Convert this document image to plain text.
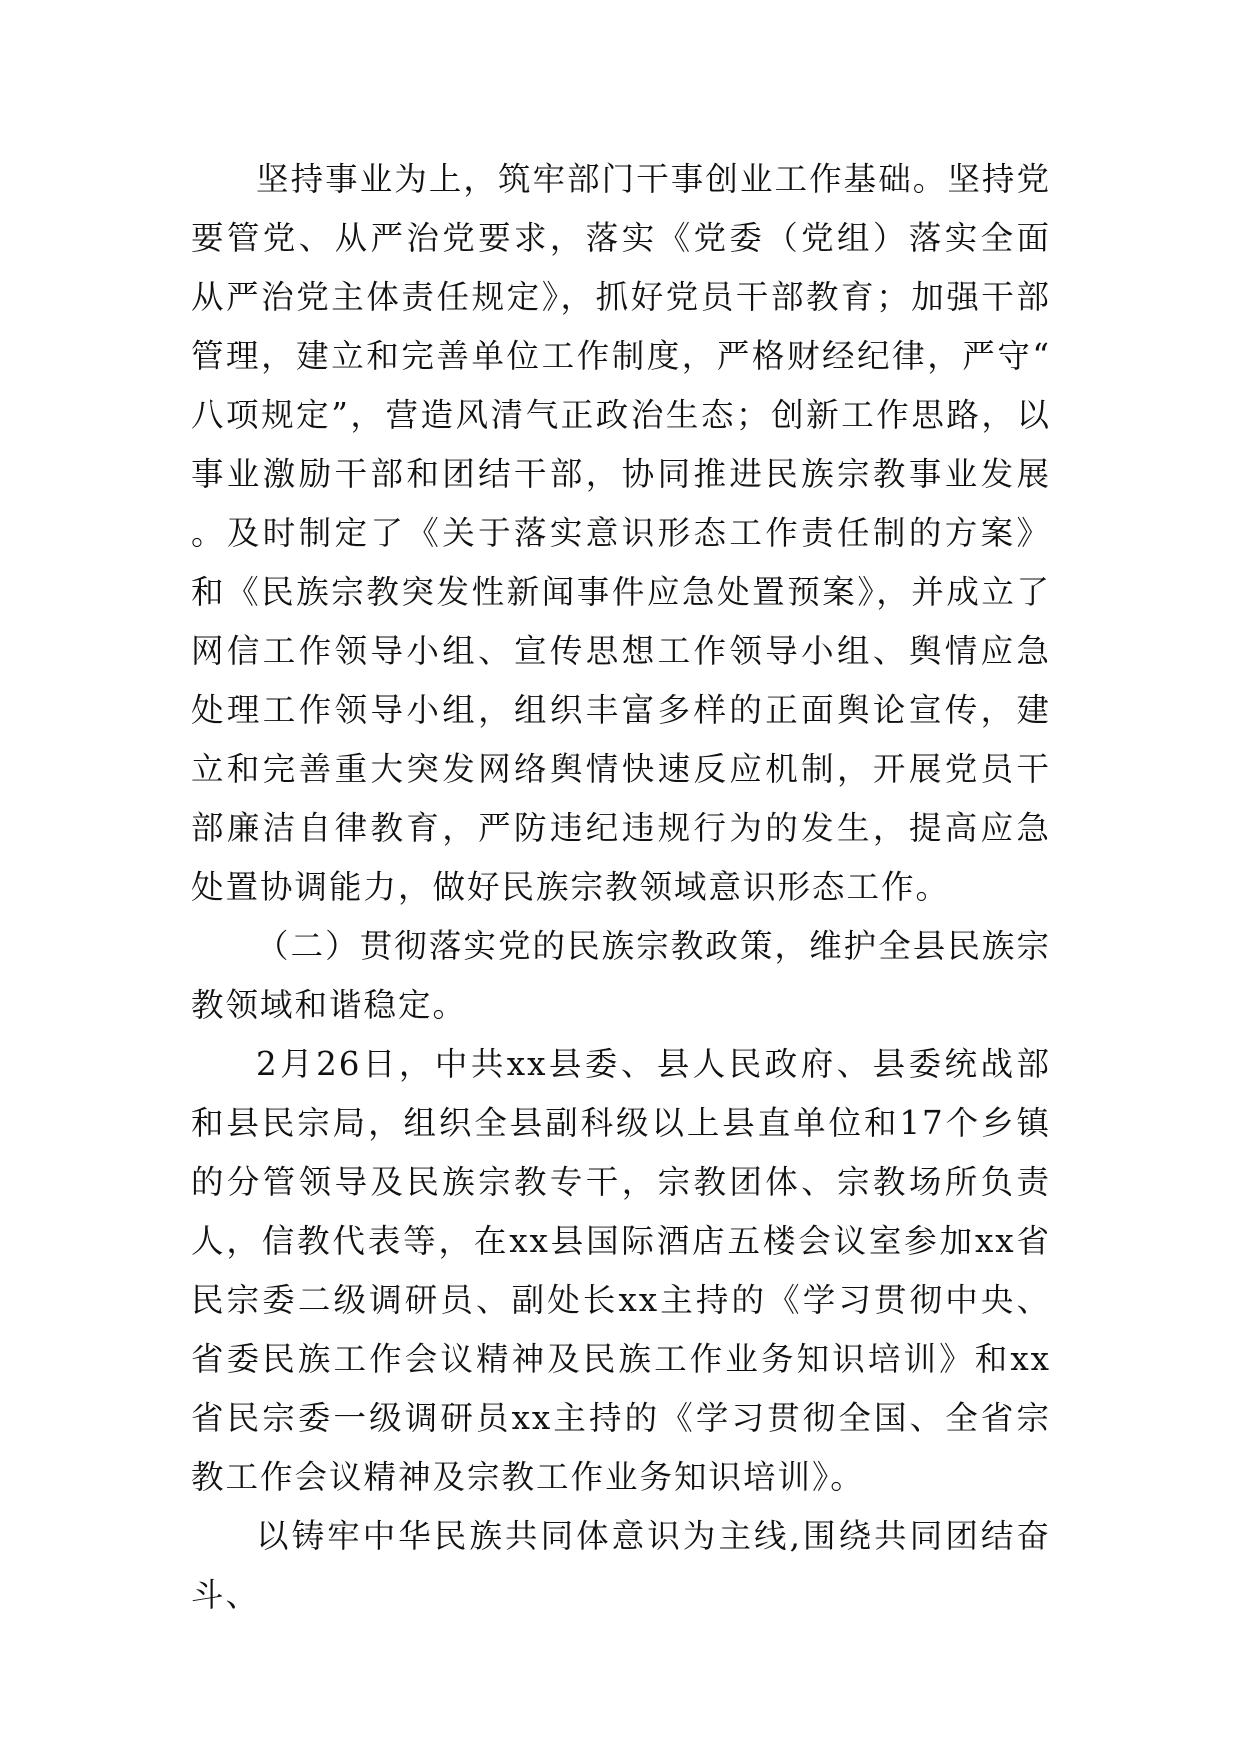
坚持事业为上，筑牢部门干事创业工作基础。坚持党要管党、从严治党要求，落实《党委（党组）落实全面从严治党主体责任规定》，抓好党员干部教育；加强干部管理，建立和完善单位工作制度，严格财经纪律，严守“八项规定”，营造风清气正政治生态；创新工作思路，以事业激励干部和团结干部，协同推进民族宗教事业发展。及时制定了《关于落实意识形态工作责任制的方案》和《民族宗教突发性新闻事件应急处置预案》，并成立了网信工作领导小组、宣传思想工作领导小组、舆情应急处理工作领导小组，组织丰富多样的正面舆论宣传，建立和完善重大突发网络舆情快速反应机制，开展党员干部廉洁自律教育，严防违纪违规行为的发生，提高应急处置协调能力，做好民族宗教领域意识形态工作。

（二）贯彻落实党的民族宗教政策，维护全县民族宗教领域和谐稳定。

2月26日，中共xx县委、县人民政府、县委统战部和县民宗局，组织全县副科级以上县直单位和17个乡镇的分管领导及民族宗教专干，宗教团体、宗教场所负责人，信教代表等，在xx县国际酒店五楼会议室参加xx省民宗委二级调研员、副处长xx主持的《学习贯彻中央、省委民族工作会议精神及民族工作业务知识培训》和xx省民宗委一级调研员xx主持的《学习贯彻全国、全省宗教工作会议精神及宗教工作业务知识培训》。

以铸牢中华民族共同体意识为主线,围绕共同团结奋斗、
